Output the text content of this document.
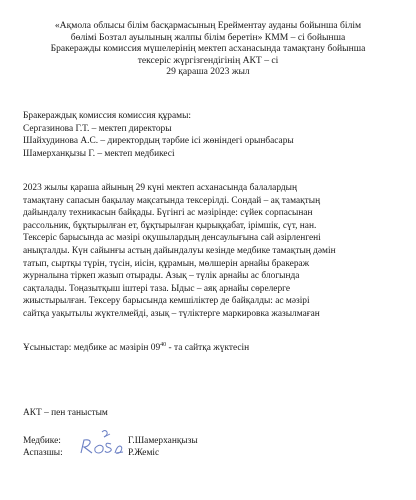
«Ақмола облысы білім басқармасының Ерейментау ауданы бойынша білім
бөлімі Бозтал ауылының жалпы білім беретін» КММ – сі бойынша
Бракеражды комиссия мүшелерінің мектеп асханасында тамақтану бойынша
тексеріс жүргізгендігінің АКТ – сі
29 қараша 2023 жыл
Бракераждық комиссия комиссия құрамы:
Сергазинова Г.Т. – мектеп директоры
Шайхудинова А.С. – директордың тәрбие ісі жөніндегі орынбасары
Шамерханқызы Г. – мектеп медбикесі
2023 жылы қараша айының 29 күні мектеп асханасында балалардың
тамақтану сапасын бақылау мақсатында тексерілді. Сондай – ақ тамақтың
дайындалу техникасын байқады. Бүгінгі ас мәзірінде: сүйек сорпасынан
рассольник, бұқтырылған ет, бұқтырылған қырыққабат, ірімшік, сүт, нан.
Тексеріс барысында ас мәзірі оқушылардың денсаулығына сай әзірленгені
анықталды. Күн сайынғы астың дайындалуы кезінде медбике тамақтың дәмін
татып, сыртқы түрін, түсін, иісін, құрамын, мөлшерін арнайы бракераж
журналына тіркеп жазып отырады. Азық – түлік арнайы ас блогында
сақталады. Тоңазытқыш іштері таза. Ыдыс – аяқ арнайы сөрелерге
жиыстырылған. Тексеру барысында кемшіліктер де байқалды: ас мәзірі
сайтқа уақытылы жүктелмейді, азық – түліктерге маркировка жазылмаған
Ұсыныстар: медбике ас мәзірін $09^{40}$ - та сайтқа жүктесін
АКТ – пен таныстым
Медбике:	Г.Шамерханқызы
Аспазшы:	Р.Жеміс
